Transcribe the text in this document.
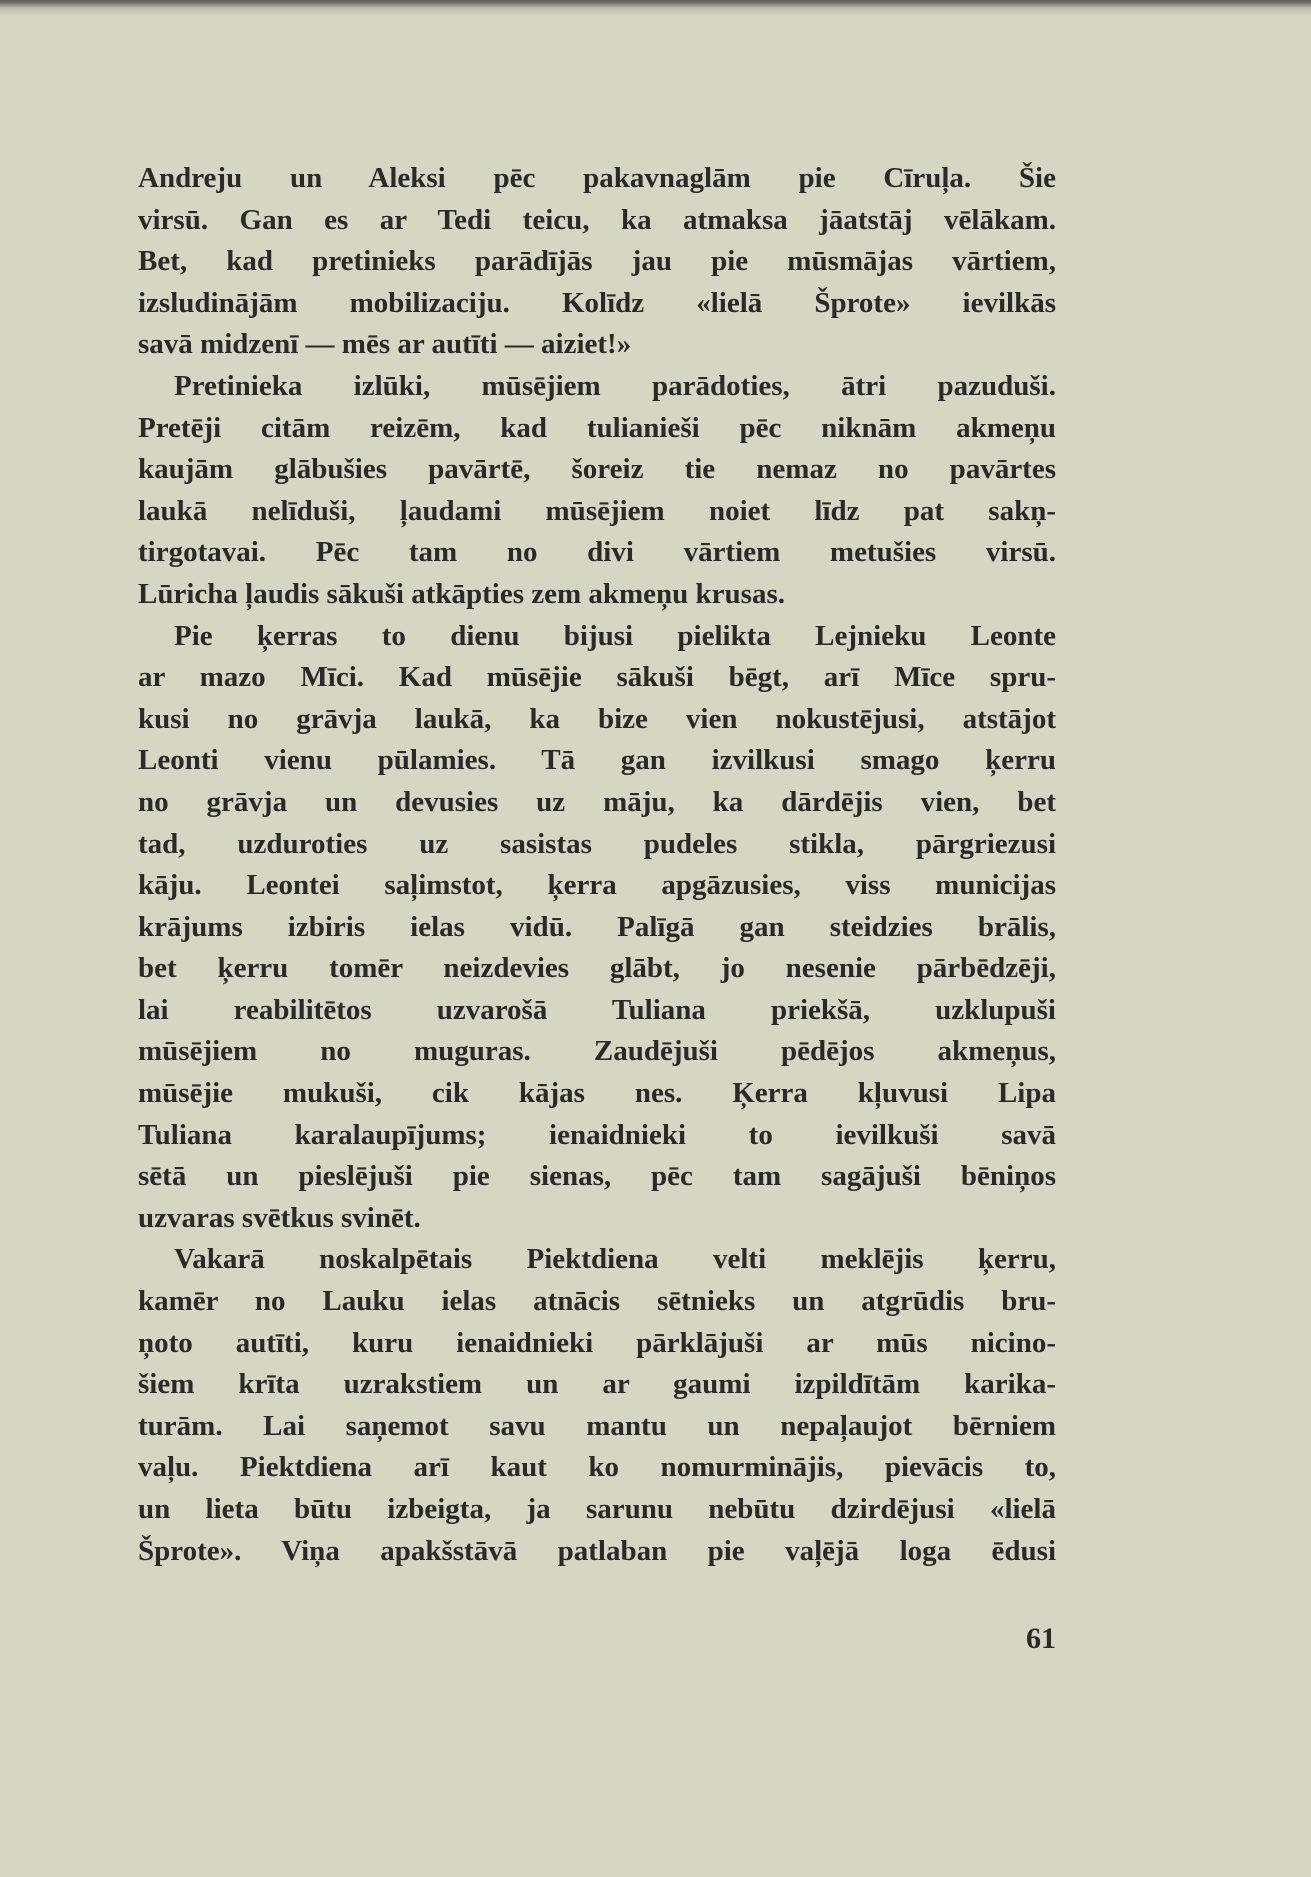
Andreju un Aleksi pēc pakavnaglām pie Cīruļa. Šie
virsū. Gan es ar Tedi teicu, ka atmaksa jāatstāj vēlākam.
Bet, kad pretinieks parādījās jau pie mūsmājas vārtiem,
izsludinājām mobilizaciju. Kolīdz «lielā Šprote» ievilkās
savā midzenī — mēs ar autīti — aiziet!»
Pretinieka izlūki, mūsējiem parādoties, ātri pazuduši.
Pretēji citām reizēm, kad tulianieši pēc niknām akmeņu
kaujām glābušies pavārtē, šoreiz tie nemaz no pavārtes
laukā nelīduši, ļaudami mūsējiem noiet līdz pat sakņ-
tirgotavai. Pēc tam no divi vārtiem metušies virsū.
Lūricha ļaudis sākuši atkāpties zem akmeņu krusas.
Pie ķerras to dienu bijusi pielikta Lejnieku Leonte
ar mazo Mīci. Kad mūsējie sākuši bēgt, arī Mīce spru-
kusi no grāvja laukā, ka bize vien nokustējusi, atstājot
Leonti vienu pūlamies. Tā gan izvilkusi smago ķerru
no grāvja un devusies uz māju, ka dārdējis vien, bet
tad, uzduroties uz sasistas pudeles stikla, pārgriezusi
kāju. Leontei saļimstot, ķerra apgāzusies, viss municijas
krājums izbiris ielas vidū. Palīgā gan steidzies brālis,
bet ķerru tomēr neizdevies glābt, jo nesenie pārbēdzēji,
lai reabilitētos uzvarošā Tuliana priekšā, uzklupuši
mūsējiem no muguras. Zaudējuši pēdējos akmeņus,
mūsējie mukuši, cik kājas nes. Ķerra kļuvusi Lipa
Tuliana karalaupījums; ienaidnieki to ievilkuši savā
sētā un pieslējuši pie sienas, pēc tam sagājuši bēniņos
uzvaras svētkus svinēt.
Vakarā noskalpētais Piektdiena velti meklējis ķerru,
kamēr no Lauku ielas atnācis sētnieks un atgrūdis bru-
ņoto autīti, kuru ienaidnieki pārklājuši ar mūs nicino-
šiem krīta uzrakstiem un ar gaumi izpildītām karika-
turām. Lai saņemot savu mantu un nepaļaujot bērniem
vaļu. Piektdiena arī kaut ko nomurminājis, pievācis to,
un lieta būtu izbeigta, ja sarunu nebūtu dzirdējusi «lielā
Šprote». Viņa apakšstāvā patlaban pie vaļējā loga ēdusi
61
